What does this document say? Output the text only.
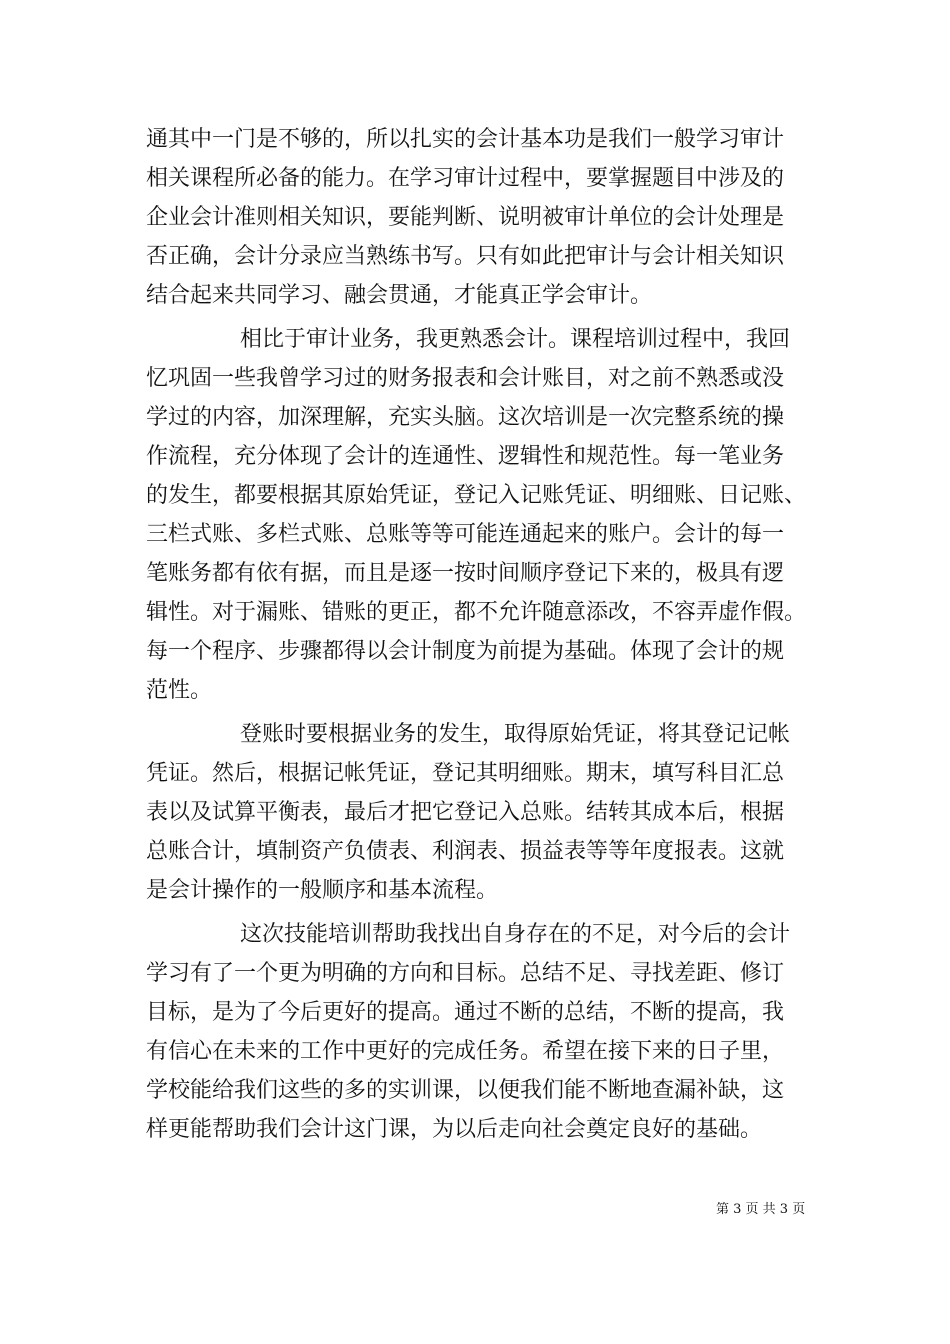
通其中一门是不够的，所以扎实的会计基本功是我们一般学习审计
相关课程所必备的能力。在学习审计过程中，要掌握题目中涉及的
企业会计准则相关知识，要能判断、说明被审计单位的会计处理是
否正确，会计分录应当熟练书写。只有如此把审计与会计相关知识
结合起来共同学习、融会贯通，才能真正学会审计。
相比于审计业务，我更熟悉会计。课程培训过程中，我回
忆巩固一些我曾学习过的财务报表和会计账目，对之前不熟悉或没
学过的内容，加深理解，充实头脑。这次培训是一次完整系统的操
作流程，充分体现了会计的连通性、逻辑性和规范性。每一笔业务
的发生，都要根据其原始凭证，登记入记账凭证、明细账、日记账、
三栏式账、多栏式账、总账等等可能连通起来的账户。会计的每一
笔账务都有依有据，而且是逐一按时间顺序登记下来的，极具有逻
辑性。对于漏账、错账的更正，都不允许随意添改，不容弄虚作假。
每一个程序、步骤都得以会计制度为前提为基础。体现了会计的规
范性。
登账时要根据业务的发生，取得原始凭证，将其登记记帐
凭证。然后，根据记帐凭证，登记其明细账。期末，填写科目汇总
表以及试算平衡表，最后才把它登记入总账。结转其成本后，根据
总账合计，填制资产负债表、利润表、损益表等等年度报表。这就
是会计操作的一般顺序和基本流程。
这次技能培训帮助我找出自身存在的不足，对今后的会计
学习有了一个更为明确的方向和目标。总结不足、寻找差距、修订
目标，是为了今后更好的提高。通过不断的总结，不断的提高，我
有信心在未来的工作中更好的完成任务。希望在接下来的日子里，
学校能给我们这些的多的实训课，以便我们能不断地查漏补缺，这
样更能帮助我们会计这门课，为以后走向社会奠定良好的基础。
第 3 页 共 3 页
